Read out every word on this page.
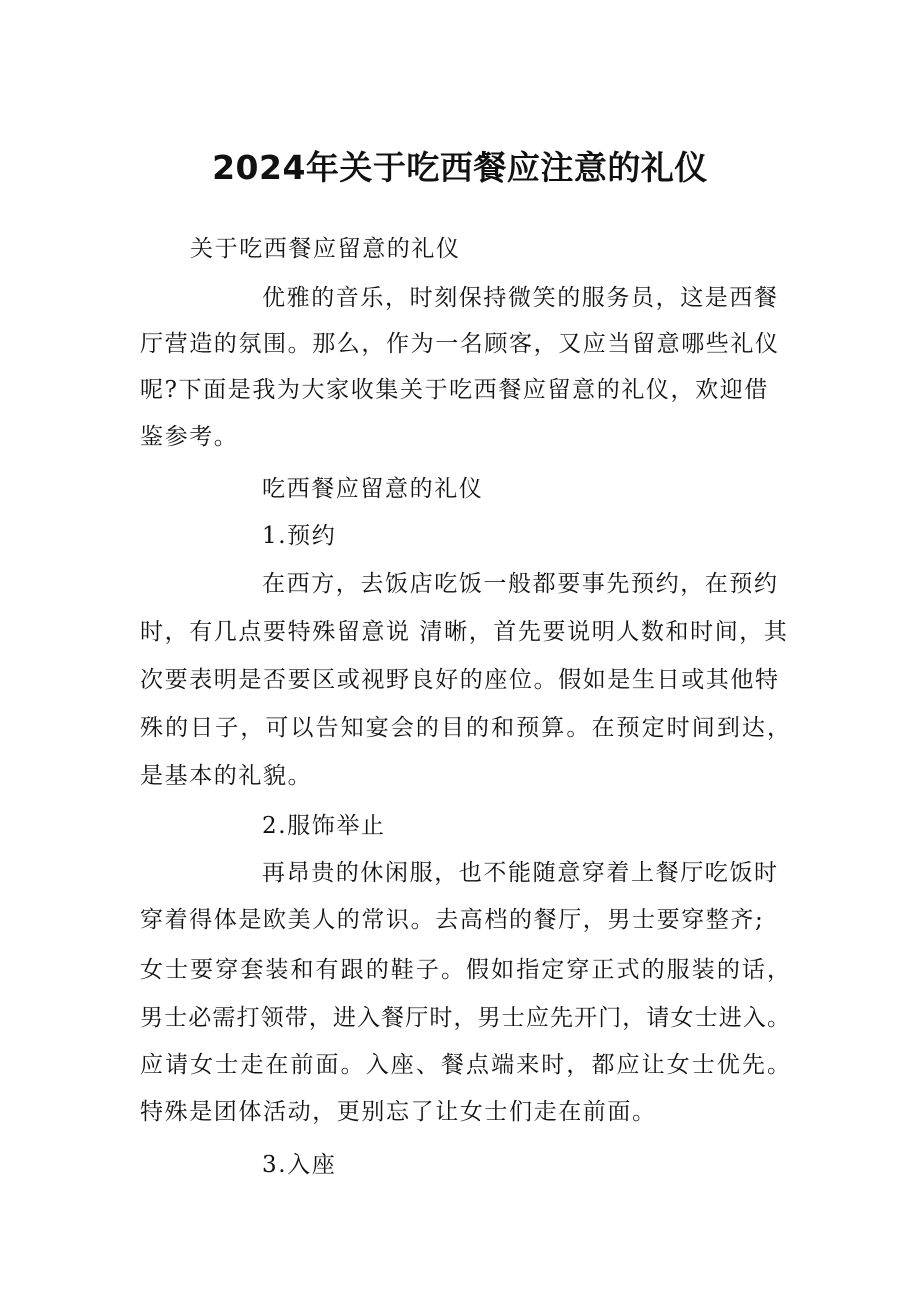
2024年关于吃西餐应注意的礼仪
关于吃西餐应留意的礼仪
优雅的音乐，时刻保持微笑的服务员，这是西餐
厅营造的氛围。那么，作为一名顾客，又应当留意哪些礼仪
呢?下面是我为大家收集关于吃西餐应留意的礼仪，欢迎借
鉴参考。
吃西餐应留意的礼仪
1.预约
在西方，去饭店吃饭一般都要事先预约，在预约
时，有几点要特殊留意说 清晰，首先要说明人数和时间，其
次要表明是否要区或视野良好的座位。假如是生日或其他特
殊的日子，可以告知宴会的目的和预算。在预定时间到达，
是基本的礼貌。
2.服饰举止
再昂贵的休闲服，也不能随意穿着上餐厅吃饭时
穿着得体是欧美人的常识。去高档的餐厅，男士要穿整齐;
女士要穿套装和有跟的鞋子。假如指定穿正式的服装的话，
男士必需打领带，进入餐厅时，男士应先开门，请女士进入。
应请女士走在前面。入座、餐点端来时，都应让女士优先。
特殊是团体活动，更别忘了让女士们走在前面。
3.入座
